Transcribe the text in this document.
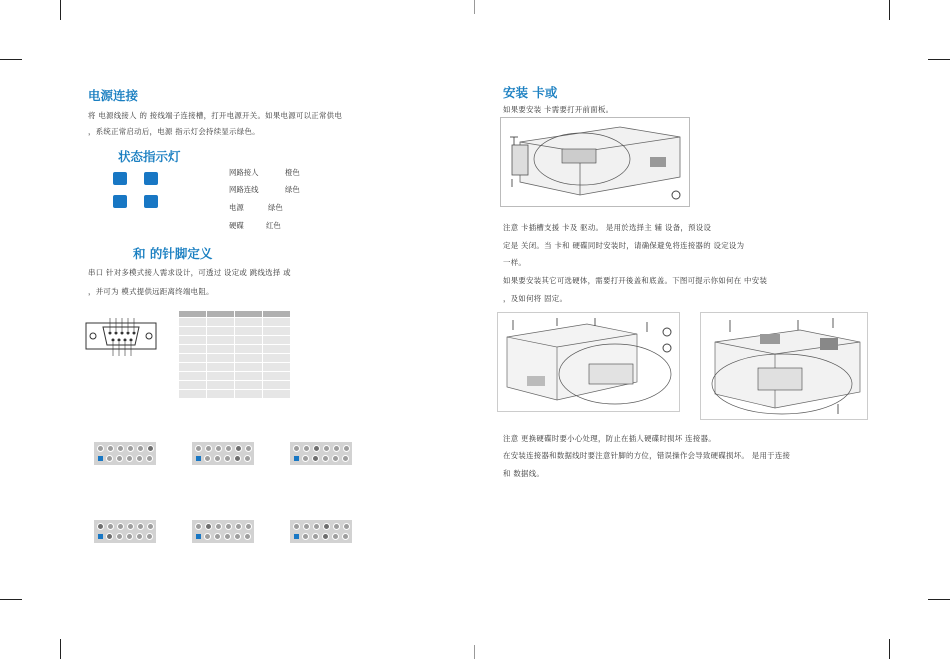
电源连接
将 电源线接人 的 接线端子连接槽，打开电源开关。如果电源可以正常供电
，系统正常启动后，电源 指示灯会持续显示绿色。
状态指示灯
网路接人	橙色
网路连线	绿色
电源	绿色
硬碟	红色
和 的针脚定义
串口 针对多模式接人需求设计，可透过 设定或 跳线选择 或
，并可为 模式提供远距离终端电阻。

安装 卡或
如果要安装 卡需要打开前面板。
注意 卡插槽支援 卡及 驱动。 是用於选择主 辅 设备，预设设
定是 关闭。当 卡和 硬碟同时安装时，请确保避免将连接器的 设定设为
一样。
如果要安装其它可选硬体，需要打开後盖和底盖。下图可提示你如何在 中安装
，及如何将 固定。
注意 更换硬碟时要小心处理，防止在插人硬碟时损坏 连接器。
在安装连接器和数据线时要注意针脚的方位，错误操作会导致硬碟损坏。 是用于连接
和 数据线。
